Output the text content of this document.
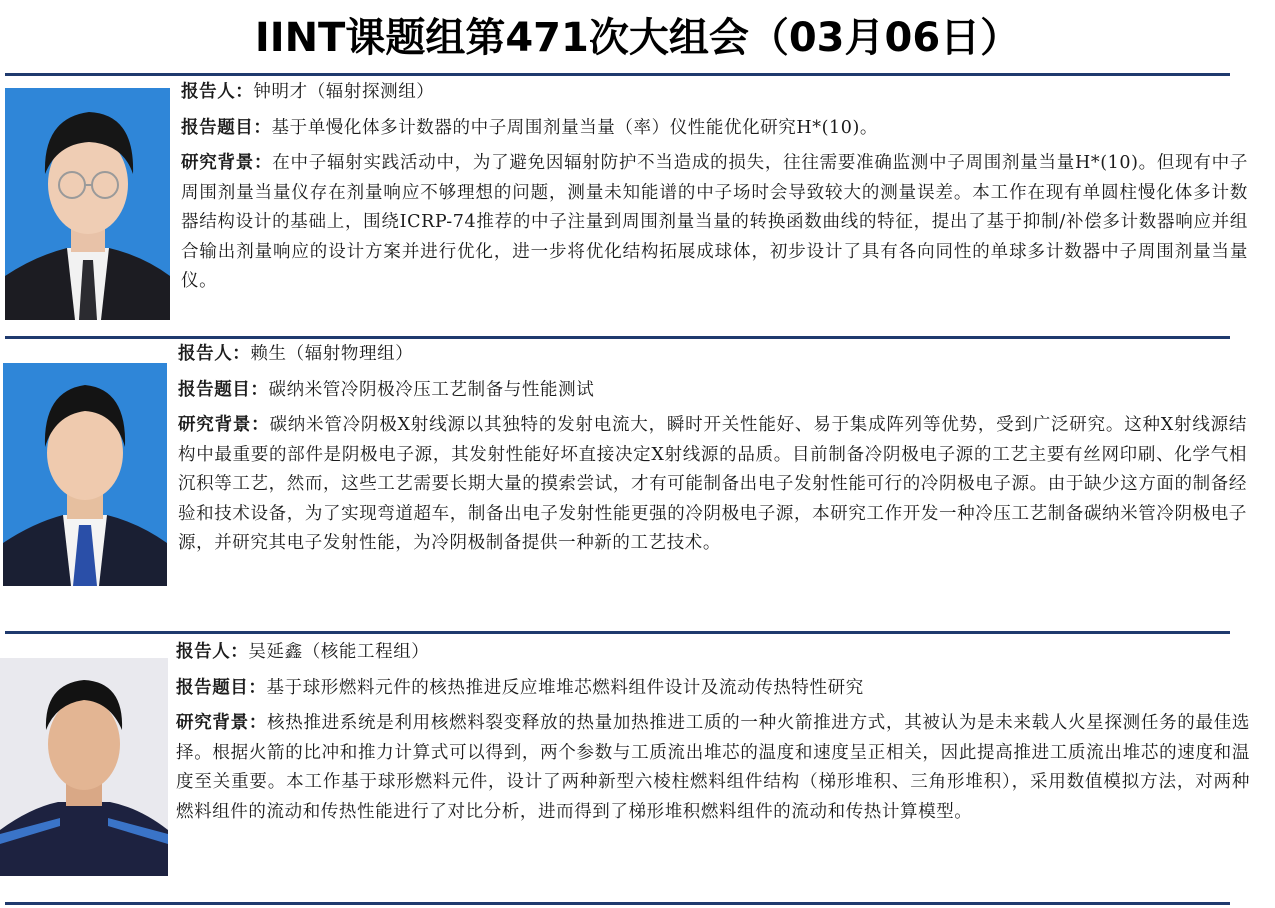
IINT课题组第471次大组会（03月06日）
报告人：钟明才（辐射探测组）
报告题目：基于单慢化体多计数器的中子周围剂量当量（率）仪性能优化研究H*(10)。

研究背景：在中子辐射实践活动中，为了避免因辐射防护不当造成的损失，往往需要准确监测中子周围剂量当量H*(10)。但现有中子周围剂量当量仪存在剂量响应不够理想的问题，测量未知能谱的中子场时会导致较大的测量误差。本工作在现有单圆柱慢化体多计数器结构设计的基础上，围绕ICRP-74推荐的中子注量到周围剂量当量的转换函数曲线的特征，提出了基于抑制/补偿多计数器响应并组合输出剂量响应的设计方案并进行优化，进一步将优化结构拓展成球体，初步设计了具有各向同性的单球多计数器中子周围剂量当量仪。

报告人：赖生（辐射物理组）
报告题目：碳纳米管冷阴极冷压工艺制备与性能测试

研究背景：碳纳米管冷阴极X射线源以其独特的发射电流大，瞬时开关性能好、易于集成阵列等优势，受到广泛研究。这种X射线源结构中最重要的部件是阴极电子源，其发射性能好坏直接决定X射线源的品质。目前制备冷阴极电子源的工艺主要有丝网印刷、化学气相沉积等工艺，然而，这些工艺需要长期大量的摸索尝试，才有可能制备出电子发射性能可行的冷阴极电子源。由于缺少这方面的制备经验和技术设备，为了实现弯道超车，制备出电子发射性能更强的冷阴极电子源，本研究工作开发一种冷压工艺制备碳纳米管冷阴极电子源，并研究其电子发射性能，为冷阴极制备提供一种新的工艺技术。

报告人：吴延鑫（核能工程组）
报告题目：基于球形燃料元件的核热推进反应堆堆芯燃料组件设计及流动传热特性研究

研究背景：核热推进系统是利用核燃料裂变释放的热量加热推进工质的一种火箭推进方式，其被认为是未来载人火星探测任务的最佳选择。根据火箭的比冲和推力计算式可以得到，两个参数与工质流出堆芯的温度和速度呈正相关，因此提高推进工质流出堆芯的速度和温度至关重要。本工作基于球形燃料元件，设计了两种新型六棱柱燃料组件结构（梯形堆积、三角形堆积），采用数值模拟方法，对两种燃料组件的流动和传热性能进行了对比分析，进而得到了梯形堆积燃料组件的流动和传热计算模型。
